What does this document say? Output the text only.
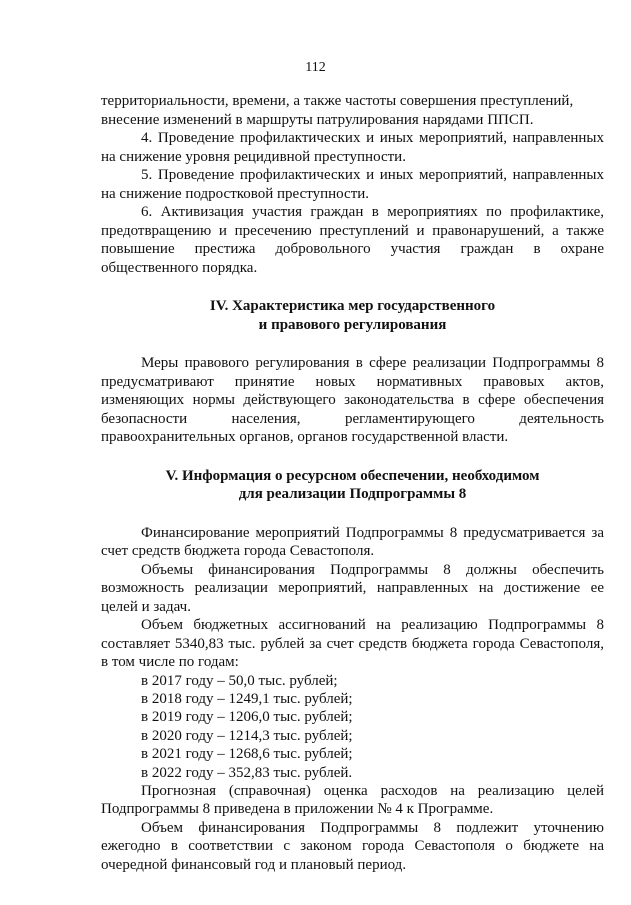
112

территориальности, времени, а также частоты совершения преступлений,

внесение изменений в маршруты патрулирования нарядами ППСП.

4. Проведение профилактических и иных мероприятий, направленных на снижение уровня рецидивной преступности.

5. Проведение профилактических и иных мероприятий, направленных на снижение подростковой преступности.

6. Активизация участия граждан в мероприятиях по профилактике, предотвращению и пресечению преступлений и правонарушений, а также повышение престижа добровольного участия граждан в охране общественного порядка.

IV. Характеристика мер государственного
и правового регулирования

Меры правового регулирования в сфере реализации Подпрограммы 8 предусматривают принятие новых нормативных правовых актов, изменяющих нормы действующего законодательства в сфере обеспечения безопасности населения, регламентирующего деятельность правоохранительных органов, органов государственной власти.

V. Информация о ресурсном обеспечении, необходимом
для реализации Подпрограммы 8

Финансирование мероприятий Подпрограммы 8 предусматривается за счет средств бюджета города Севастополя.

Объемы финансирования Подпрограммы 8 должны обеспечить возможность реализации мероприятий, направленных на достижение ее целей и задач.

Объем бюджетных ассигнований на реализацию Подпрограммы 8 составляет 5340,83 тыс. рублей за счет средств бюджета города Севастополя, в том числе по годам:

в 2017 году – 50,0 тыс. рублей;
в 2018 году – 1249,1 тыс. рублей;
в 2019 году – 1206,0 тыс. рублей;
в 2020 году – 1214,3 тыс. рублей;
в 2021 году – 1268,6 тыс. рублей;
в 2022 году – 352,83 тыс. рублей.

Прогнозная (справочная) оценка расходов на реализацию целей Подпрограммы 8 приведена в приложении № 4 к Программе.

Объем финансирования Подпрограммы 8 подлежит уточнению ежегодно в соответствии с законом города Севастополя о бюджете на очередной финансовый год и плановый период.
